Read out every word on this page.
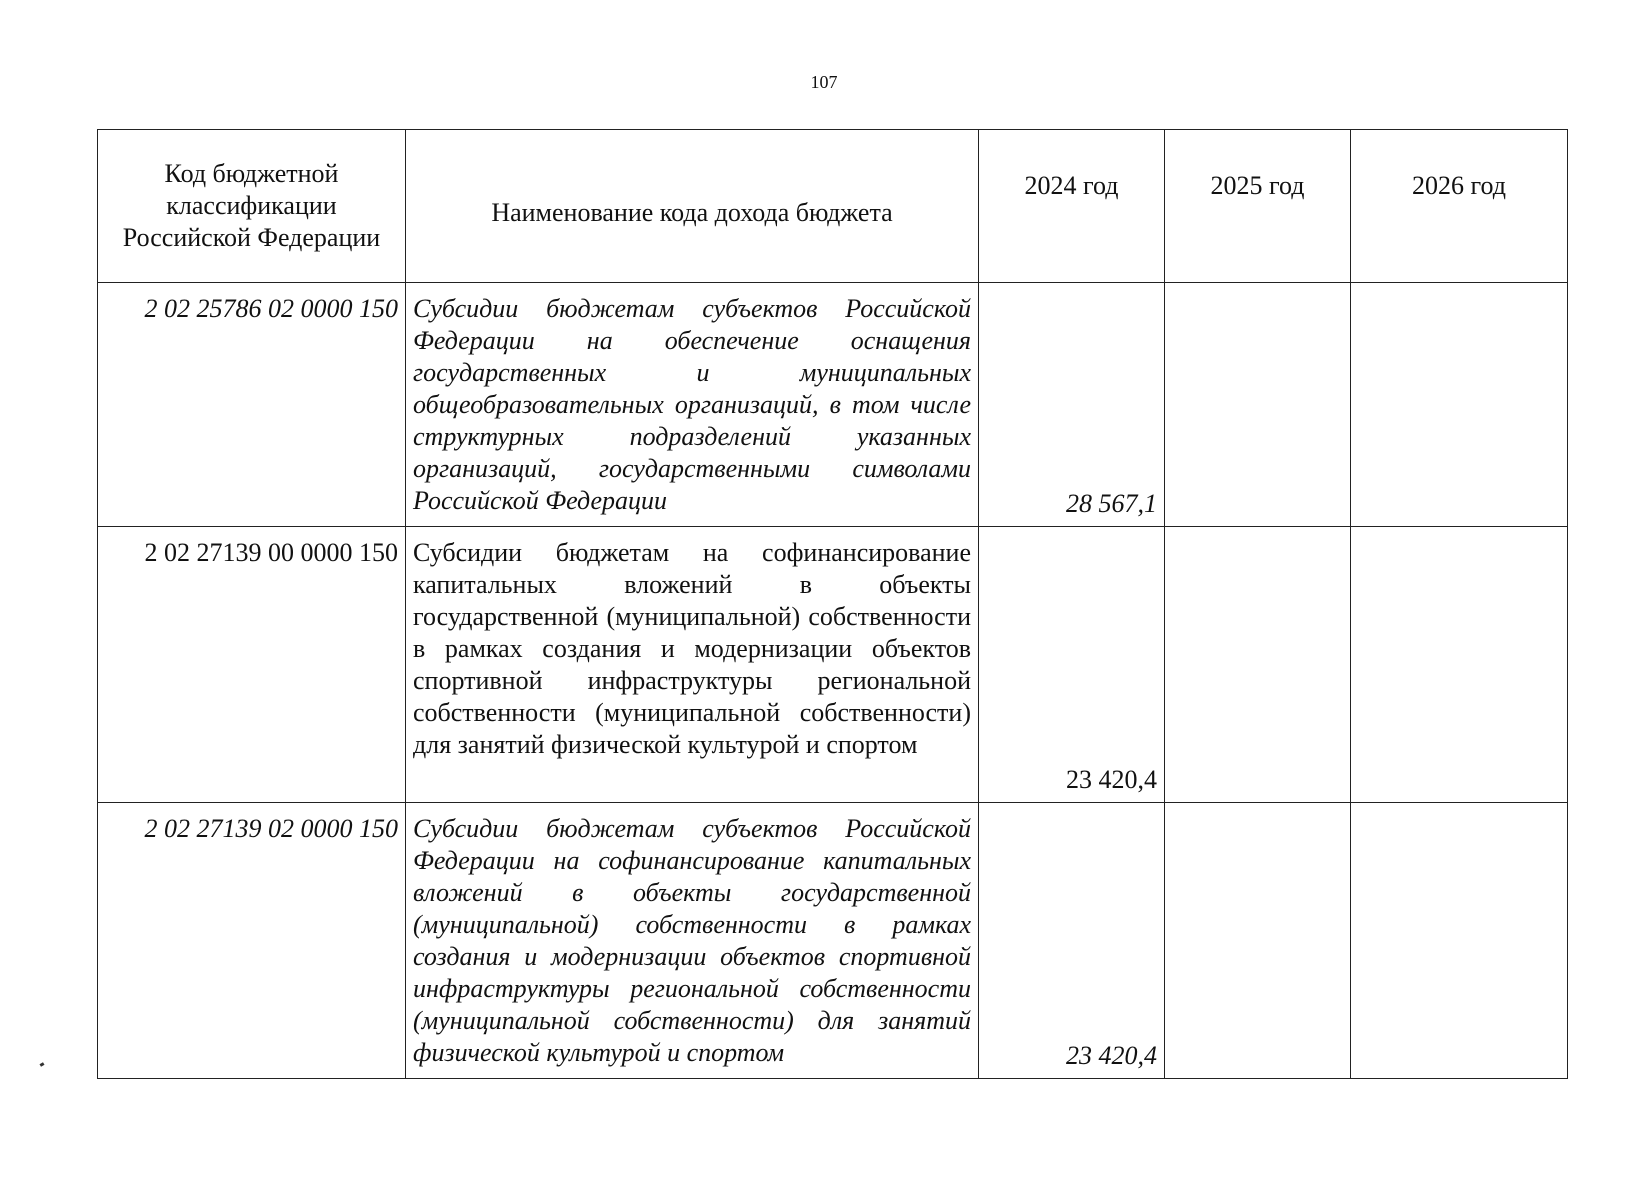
107
Код бюджетной классификации Российской Федерации	Наименование кода дохода бюджета	2024 год	2025 год	2026 год
2 02 25786 02 0000 150	Субсидии бюджетам субъектов Российской Федерации на обеспечение оснащения государственных и муниципальных общеобразовательных организаций, в том числе структурных подразделений указанных организаций, государственными символами Российской Федерации	28 567,1		
2 02 27139 00 0000 150	Субсидии бюджетам на софинансирование капитальных вложений в объекты государственной (муниципальной) собственности в рамках создания и модернизации объектов спортивной инфраструктуры региональной собственности (муниципальной собственности) для занятий физической культурой и спортом	23 420,4		
2 02 27139 02 0000 150	Субсидии бюджетам субъектов Российской Федерации на софинансирование капитальных вложений в объекты государственной (муниципальной) собственности в рамках создания и модернизации объектов спортивной инфраструктуры региональной собственности (муниципальной собственности) для занятий физической культурой и спортом	23 420,4		
